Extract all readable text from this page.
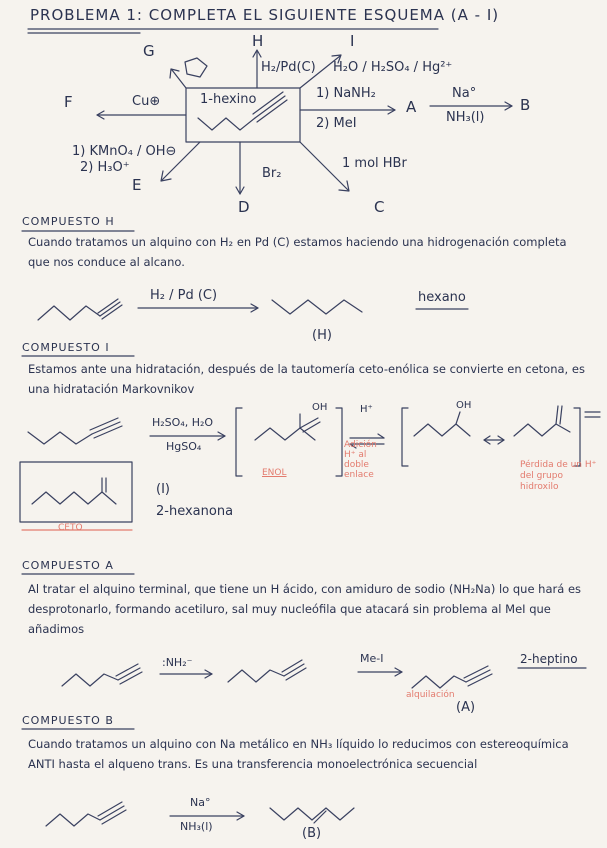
PROBLEMA 1: COMPLETA EL SIGUIENTE ESQUEMA (A - I)
G
H	I
F	A	B
E
D	C
1-hexino
Cu⊕
H₂/Pd(C) H₂O / H₂SO₄ / Hg²⁺
1) NaNH₂
2) MeI
Na°
NH₃(l)
1) KMnO₄ / OH⊖
2) H₃O⁺	Br₂
1 mol HBr
COMPUESTO H
Cuando tratamos un alquino con H₂ en Pd (C) estamos haciendo una hidrogenación completa que nos conduce al alcano.
H₂ / Pd (C)	hexano
(H)
COMPUESTO I
Estamos ante una hidratación, después de la tautomería ceto-enólica se convierte en cetona, es una hidratación Markovnikov
H₂SO₄, H₂O
HgSO₄
OH	H⁺	OH
Adición H⁺ al doble enlace
ENOL
Pérdida de un H⁺ del grupo hidroxilo
(I)
2-hexanona
CETO
COMPUESTO A
Al tratar el alquino terminal, que tiene un H ácido, con amiduro de sodio (NH₂Na) lo que hará es desprotonarlo, formando acetiluro, sal muy nucleófila que atacará sin problema al MeI que añadimos
:NH₂⁻	Me-I	2-heptino
alquilación
(A)
COMPUESTO B
Cuando tratamos un alquino con Na metálico en NH₃ líquido lo reducimos con estereoquímica ANTI hasta el alqueno trans. Es una transferencia monoelectrónica secuencial
Na°
NH₃(l)	(B)
